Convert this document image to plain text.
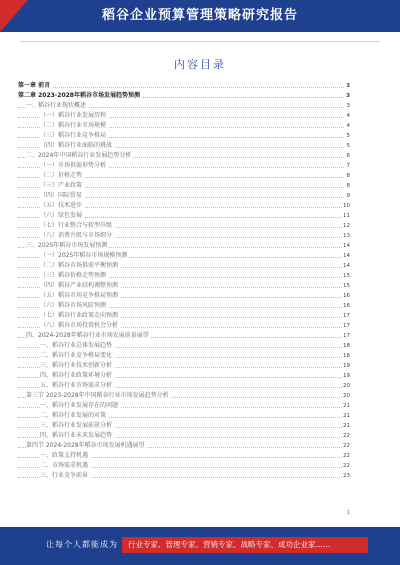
稻谷企业预算管理策略研究报告
内容目录
第一章 前言	3
第二章 2023-2028年稻谷市场发展趋势预测	3
一、稻谷行业现状概述	3
（一）稻谷行业发展历程	4
（二）稻谷行业市场规模	4
（三）稻谷行业竞争格局	5
（四）稻谷行业面临的挑战	5
二、2024年中国稻谷行业发展趋势分析	6
（一）市场供需形势分析	7
（二）价格走势	8
（三）产业政策	8
（四）国际贸易	9
（五）技术进步	10
（六）绿色发展	11
（七）行业整合与转型升级	12
（八）消费升级与市场细分	13
三、2025年稻谷市场发展预测	14
（一）2025年稻谷市场规模预测	14
（二）稻谷市场供需平衡预测	14
（三）稻谷价格走势预测	15
（四）稻谷产业结构调整预测	15
（五）稻谷市场竞争格局预测	16
（六）稻谷市场风险预测	16
（七）稻谷行业政策走向预测	17
（八）稻谷市场投资机会分析	17
四、2024-2028年稻谷行业市场发展前景展望	17
一、稻谷行业总体发展趋势	18
二、稻谷行业竞争格局变化	18
三、稻谷行业技术创新分析	19
四、稻谷行业政策环境分析	19
五、稻谷行业市场需求分析	20
第三节 2023-2028年中国稻谷行业市场发展趋势分析	20
一、稻谷行业发展存在的问题	21
二、稻谷行业发展的对策	21
三、稻谷行业发展前景分析	21
四、稻谷行业未来发展趋势	22
第四节 2024-2028年稻谷市场发展机遇展望	22
一、政策支持机遇	22
二、市场需求机遇	22
三、行业竞争前景	23
1
让每个人都能成为	行业专家、管理专家、营销专家、战略专家、成功企业家……
